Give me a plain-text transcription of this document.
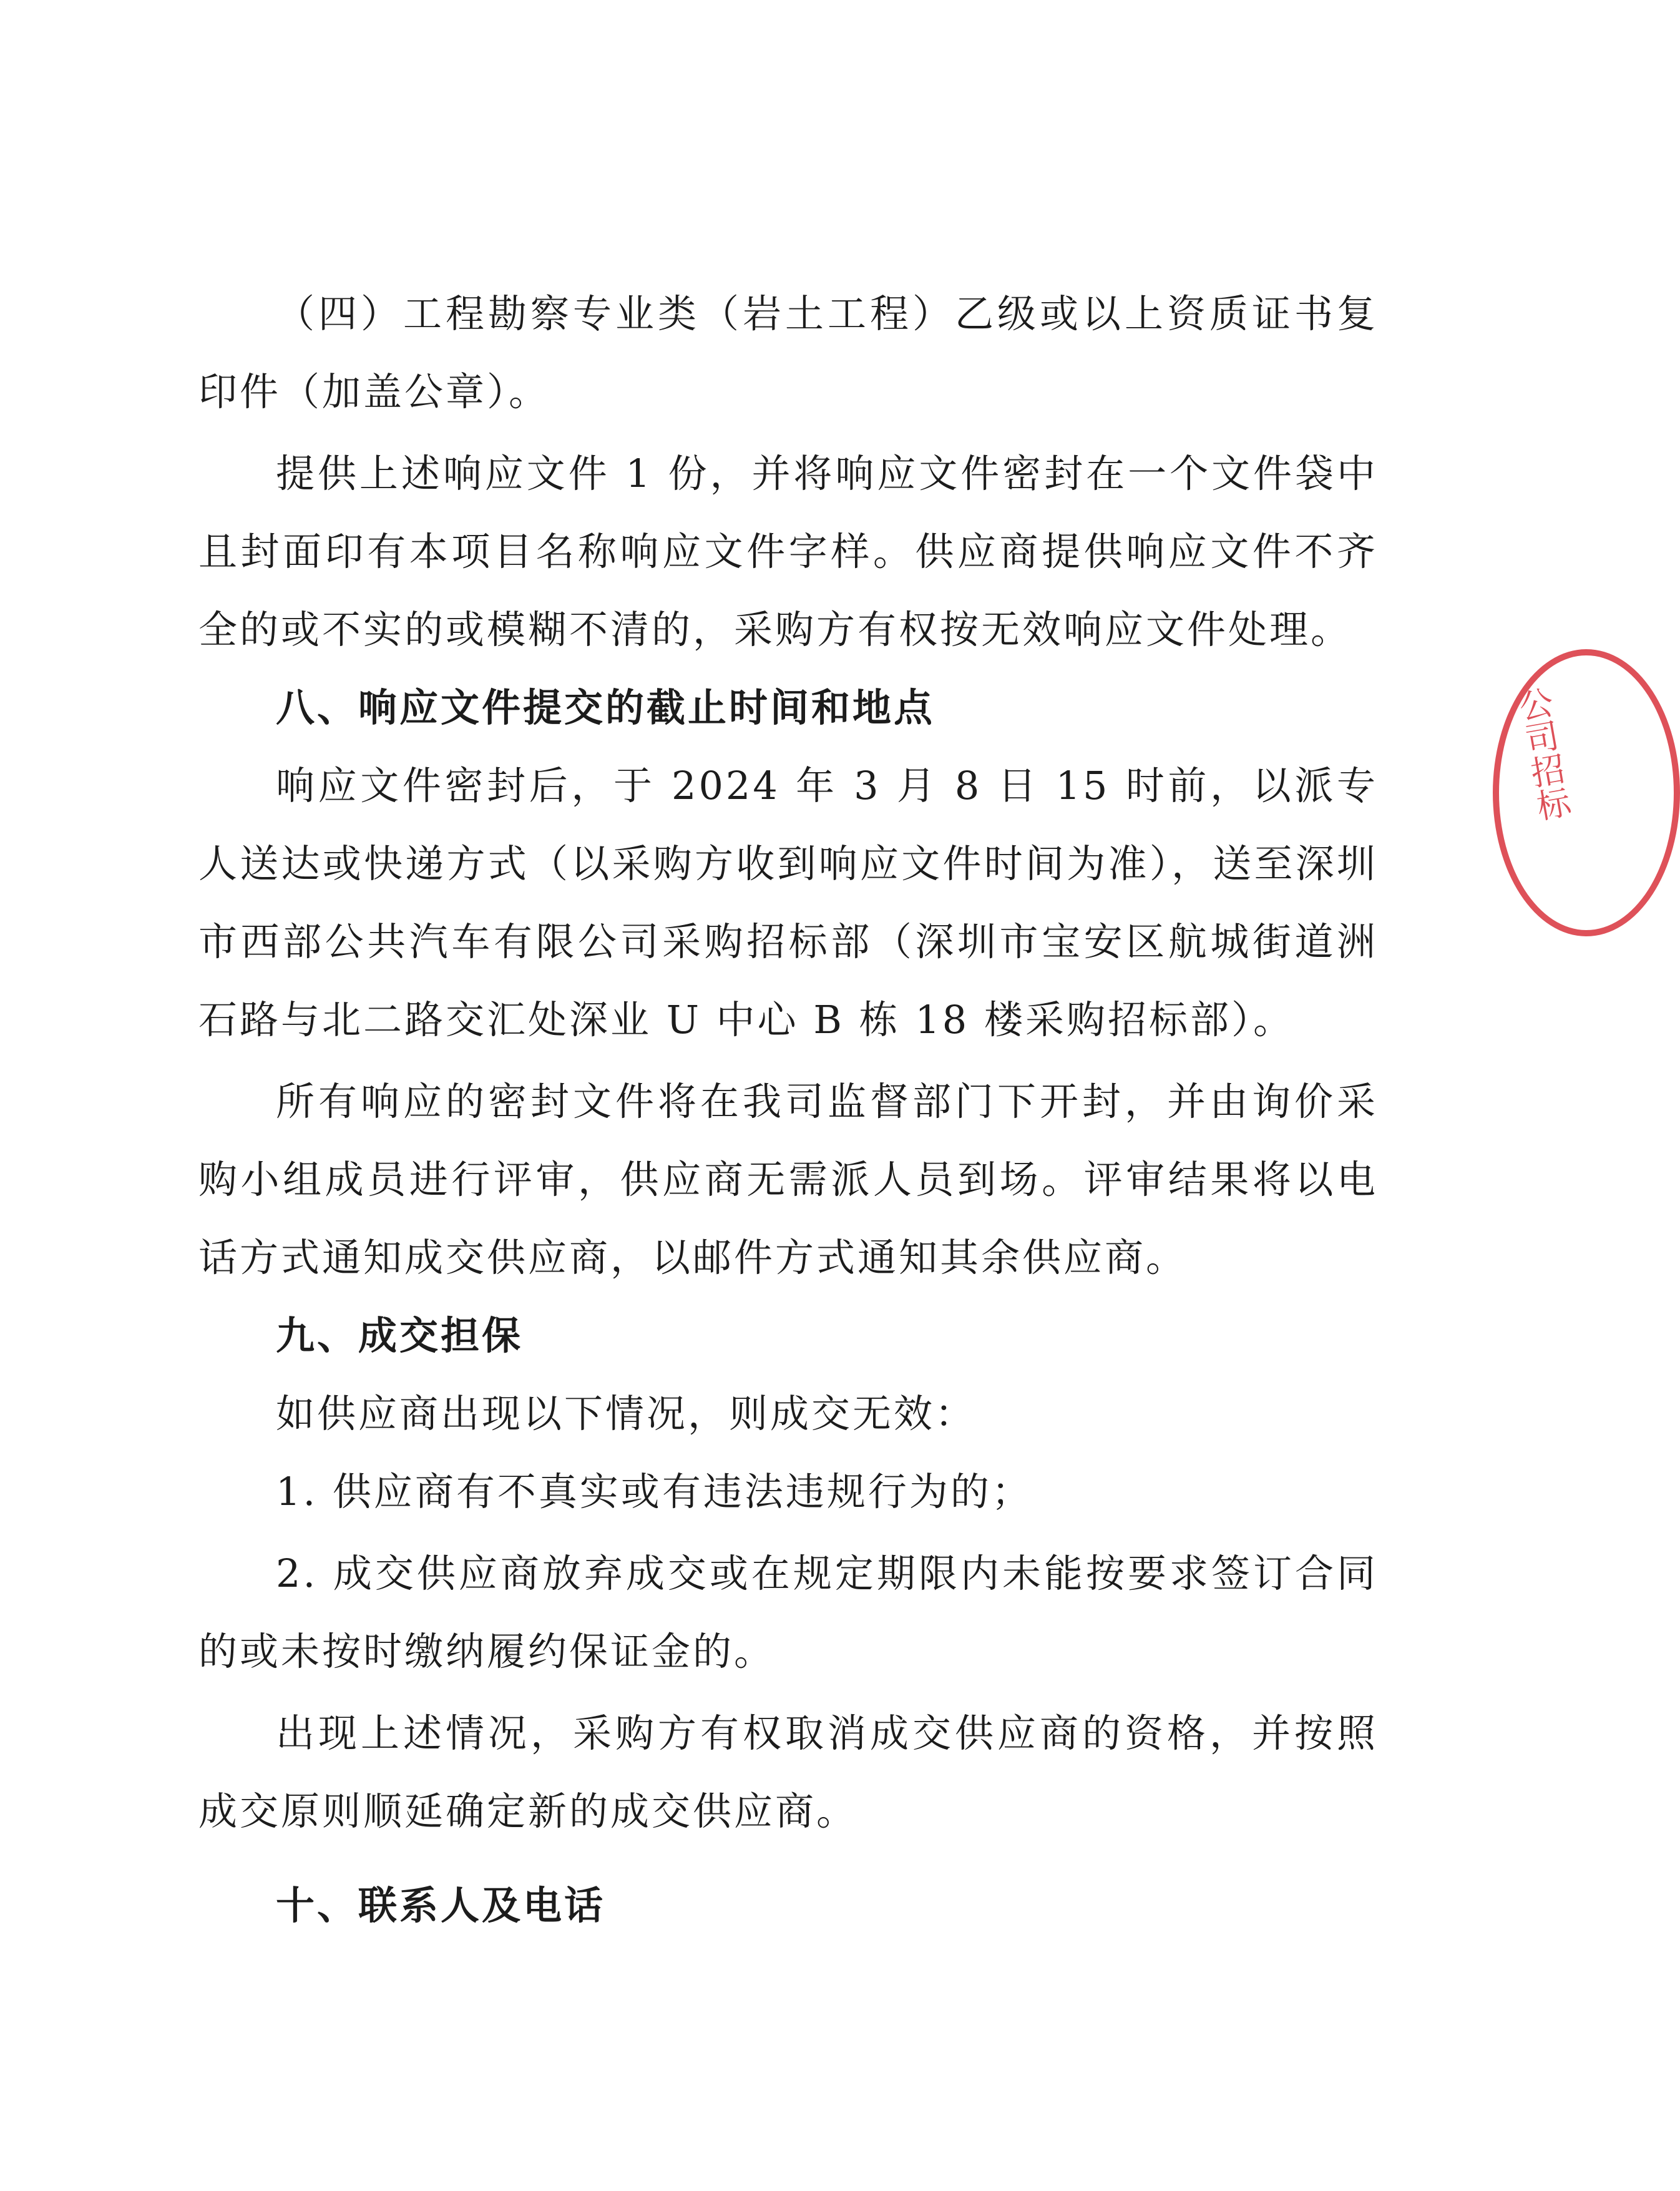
（四）工程勘察专业类（岩土工程）乙级或以上资质证书复印件（加盖公章）。

提供上述响应文件 1 份，并将响应文件密封在一个文件袋中且封面印有本项目名称响应文件字样。供应商提供响应文件不齐全的或不实的或模糊不清的，采购方有权按无效响应文件处理。

八、响应文件提交的截止时间和地点

响应文件密封后，于 2024 年 3 月 8 日 15 时前，以派专人送达或快递方式（以采购方收到响应文件时间为准），送至深圳市西部公共汽车有限公司采购招标部（深圳市宝安区航城街道洲石路与北二路交汇处深业 U 中心 B 栋 18 楼采购招标部）。

所有响应的密封文件将在我司监督部门下开封，并由询价采购小组成员进行评审，供应商无需派人员到场。评审结果将以电话方式通知成交供应商，以邮件方式通知其余供应商。

九、成交担保

如供应商出现以下情况，则成交无效：

1. 供应商有不真实或有违法违规行为的；

2. 成交供应商放弃成交或在规定期限内未能按要求签订合同的或未按时缴纳履约保证金的。

出现上述情况，采购方有权取消成交供应商的资格，并按照成交原则顺延确定新的成交供应商。

十、联系人及电话

公司招标
